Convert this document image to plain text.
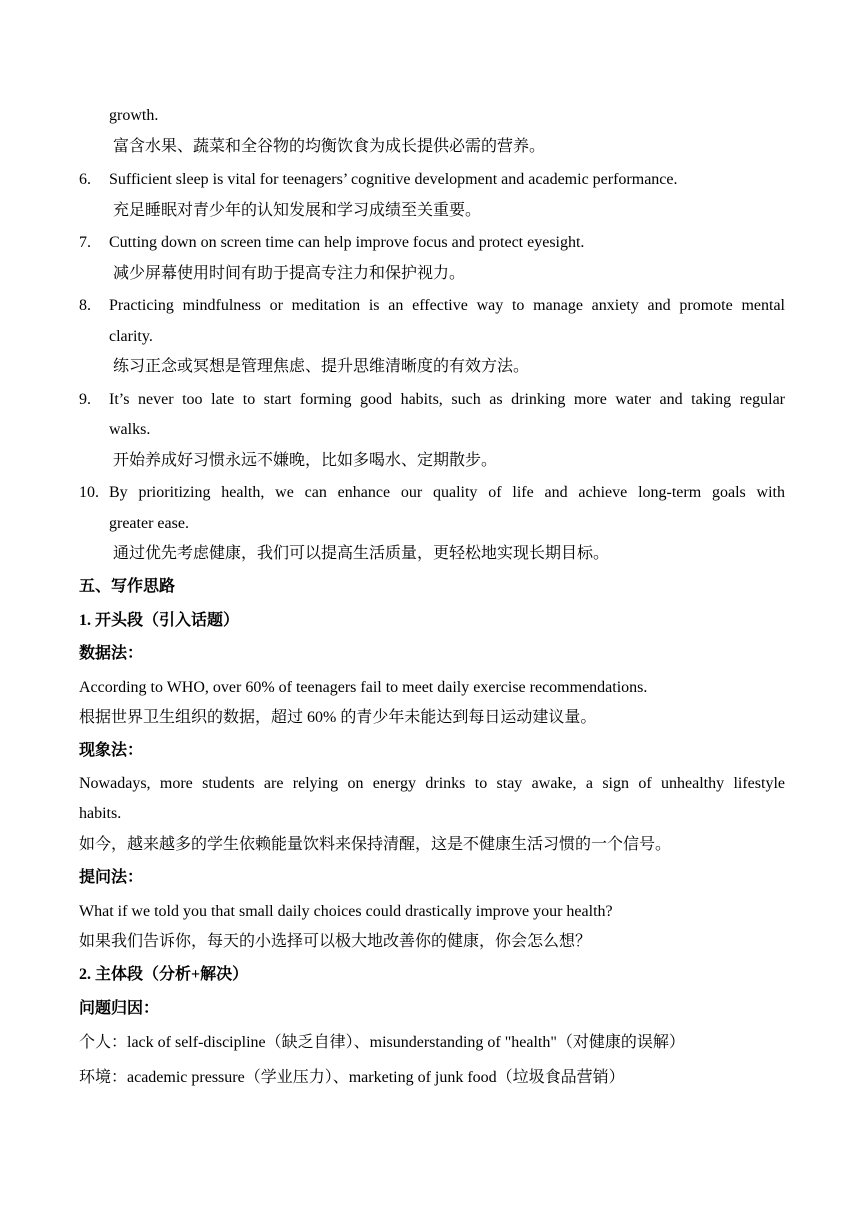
growth.
富含水果、蔬菜和全谷物的均衡饮食为成长提供必需的营养。
6. Sufficient sleep is vital for teenagers’ cognitive development and academic performance.
充足睡眠对青少年的认知发展和学习成绩至关重要。
7. Cutting down on screen time can help improve focus and protect eyesight.
减少屏幕使用时间有助于提高专注力和保护视力。
8. Practicing mindfulness or meditation is an effective way to manage anxiety and promote mental
clarity.
练习正念或冥想是管理焦虑、提升思维清晰度的有效方法。
9. It’s never too late to start forming good habits, such as drinking more water and taking regular
walks.
开始养成好习惯永远不嫌晚，比如多喝水、定期散步。
10. By prioritizing health, we can enhance our quality of life and achieve long-term goals with
greater ease.
通过优先考虑健康，我们可以提高生活质量，更轻松地实现长期目标。
五、写作思路
1. 开头段（引入话题）
数据法：
According to WHO, over 60% of teenagers fail to meet daily exercise recommendations.
根据世界卫生组织的数据，超过 60% 的青少年未能达到每日运动建议量。
现象法：
Nowadays, more students are relying on energy drinks to stay awake, a sign of unhealthy lifestyle
habits.
如今，越来越多的学生依赖能量饮料来保持清醒，这是不健康生活习惯的一个信号。
提问法：
What if we told you that small daily choices could drastically improve your health?
如果我们告诉你，每天的小选择可以极大地改善你的健康，你会怎么想？
2. 主体段（分析+解决）
问题归因：
个人：lack of self-discipline（缺乏自律）、misunderstanding of "health"（对健康的误解）
环境：academic pressure（学业压力）、marketing of junk food（垃圾食品营销）
